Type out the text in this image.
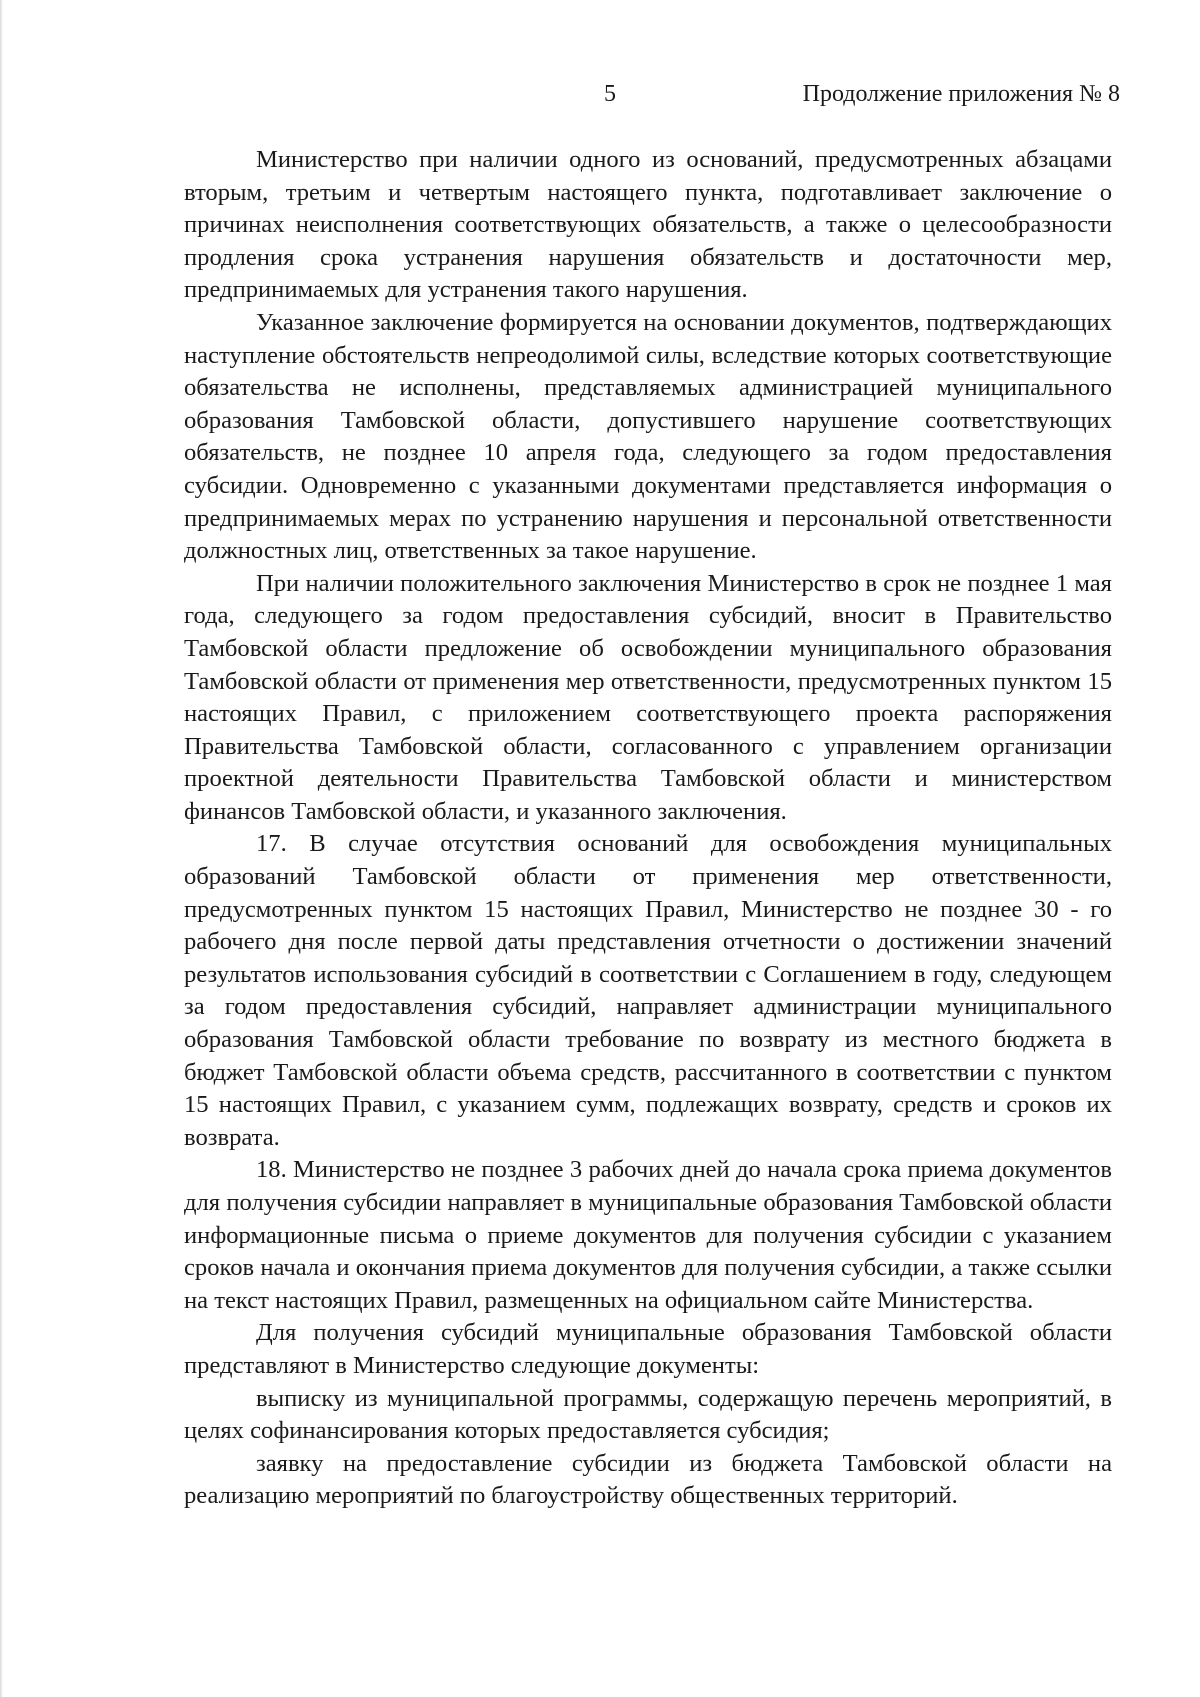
5	Продолжение приложения № 8

Министерство при наличии одного из оснований, предусмотренных абзацами вторым, третьим и четвертым настоящего пункта, подготавливает заключение о причинах неисполнения соответствующих обязательств, а также о целесообразности продления срока устранения нарушения обязательств и достаточности мер, предпринимаемых для устранения такого нарушения.

Указанное заключение формируется на основании документов, подтверждающих наступление обстоятельств непреодолимой силы, вследствие которых соответствующие обязательства не исполнены, представляемых администрацией муниципального образования Тамбовской области, допустившего нарушение соответствующих обязательств, не позднее 10 апреля года, следующего за годом предоставления субсидии. Одновременно с указанными документами представляется информация о предпринимаемых мерах по устранению нарушения и персональной ответственности должностных лиц, ответственных за такое нарушение.

При наличии положительного заключения Министерство в срок не позднее 1 мая года, следующего за годом предоставления субсидий, вносит в Правительство Тамбовской области предложение об освобождении муниципального образования Тамбовской области от применения мер ответственности, предусмотренных пунктом 15 настоящих Правил, с приложением соответствующего проекта распоряжения Правительства Тамбовской области, согласованного с управлением организации проектной деятельности Правительства Тамбовской области и министерством финансов Тамбовской области, и указанного заключения.

17. В случае отсутствия оснований для освобождения муниципальных образований Тамбовской области от применения мер ответственности, предусмотренных пунктом 15 настоящих Правил, Министерство не позднее 30 - го рабочего дня после первой даты представления отчетности о достижении значений результатов использования субсидий в соответствии с Соглашением в году, следующем за годом предоставления субсидий, направляет администрации муниципального образования Тамбовской области требование по возврату из местного бюджета в бюджет Тамбовской области объема средств, рассчитанного в соответствии с пунктом 15 настоящих Правил, с указанием сумм, подлежащих возврату, средств и сроков их возврата.

18. Министерство не позднее 3 рабочих дней до начала срока приема документов для получения субсидии направляет в муниципальные образования Тамбовской области информационные письма о приеме документов для получения субсидии с указанием сроков начала и окончания приема документов для получения субсидии, а также ссылки на текст настоящих Правил, размещенных на официальном сайте Министерства.

Для получения субсидий муниципальные образования Тамбовской области представляют в Министерство следующие документы:

выписку из муниципальной программы, содержащую перечень мероприятий, в целях софинансирования которых предоставляется субсидия;

заявку на предоставление субсидии из бюджета Тамбовской области на реализацию мероприятий по благоустройству общественных территорий.
